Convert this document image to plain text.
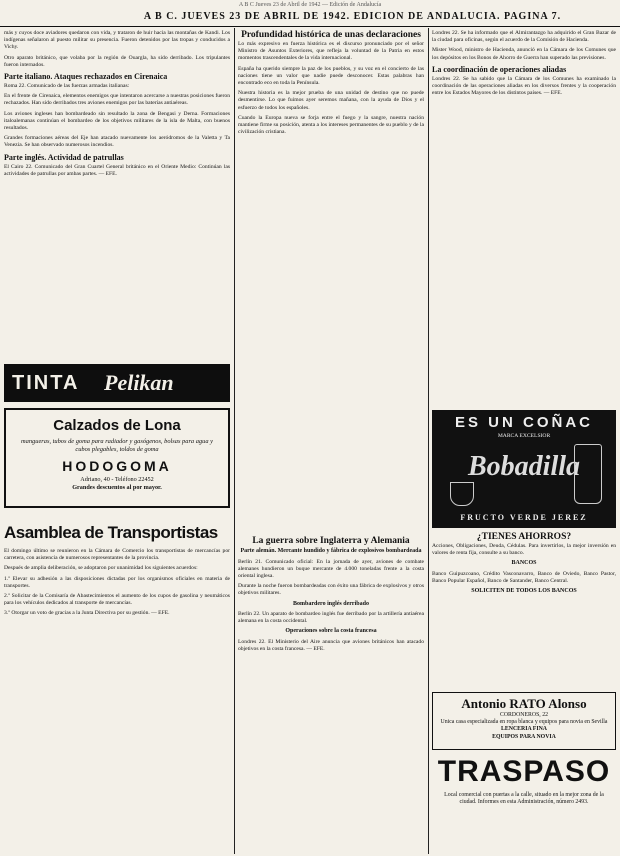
A B C Jueves 23 de Abril de 1942 — Edición de Andalucía
A B C. JUEVES 23 DE ABRIL DE 1942. EDICION DE ANDALUCIA. PAGINA 7.

más y cuyos doce aviadores quedaron con vida, y trataron de huir hacia las montañas de Kandi. Los indígenas señalaron al puesto militar su presencia. Fueron detenidos por las tropas y conducidos a Vichy.

Otro aparato británico, que volaba por la región de Ouargla, ha sido derribado. Los tripulantes fueron internados.

Parte italiano. Ataques rechazados en Cirenaica

Roma 22. Comunicado de las fuerzas armadas italianas:

En el frente de Cirenaica, elementos enemigos que intentaron acercarse a nuestras posiciones fueron rechazados. Han sido derribados tres aviones enemigos por las baterías antiaéreas.

Los aviones ingleses han bombardeado sin resultado la zona de Bengasi y Derna. Formaciones italoalemanas continúan el bombardeo de los objetivos militares de la isla de Malta, con buenos resultados.

Grandes formaciones aéreas del Eje han atacado nuevamente los aeródromos de la Valetta y Ta Venezia. Se han observado numerosos incendios.

Parte inglés. Actividad de patrullas

El Cairo 22. Comunicado del Gran Cuartel General británico en el Oriente Medio: Continúan las actividades de patrullas por ambas partes. — EFE.

TINTA Pelikan
Calzados de Lona
mangueras, tubos de goma para radiador y gasógenos, bolsas para agua y cubos plegables, toldos de goma
HODOGOMA
Adriano, 40 - Teléfono 22452
Grandes descuentos al por mayor.

Asamblea de Transportistas

El domingo último se reunieron en la Cámara de Comercio los transportistas de mercancías por carretera, con asistencia de numerosos representantes de la provincia.

Después de amplia deliberación, se adoptaron por unanimidad los siguientes acuerdos:

1.º Elevar su adhesión a las disposiciones dictadas por los organismos oficiales en materia de transportes.

2.º Solicitar de la Comisaría de Abastecimientos el aumento de los cupos de gasolina y neumáticos para los vehículos dedicados al transporte de mercancías.

3.º Otorgar un voto de gracias a la Junta Directiva por su gestión. — EFE.

Profundidad histórica de unas declaraciones

Lo más expresivo en fuerza histórica es el discurso pronunciado por el señor Ministro de Asuntos Exteriores, que refleja la voluntad de la Patria en estos momentos trascendentales de la vida internacional.

España ha querido siempre la paz de los pueblos, y su voz en el concierto de las naciones tiene un valor que nadie puede desconocer. Estas palabras han encontrado eco en toda la Península.

Nuestra historia es la mejor prueba de una unidad de destino que no puede desmentirse. Lo que fuimos ayer seremos mañana, con la ayuda de Dios y el esfuerzo de todos los españoles.

Cuando la Europa nueva se forja entre el fuego y la sangre, nuestra nación mantiene firme su posición, atenta a los intereses permanentes de su pueblo y de la civilización cristiana.

La guerra sobre Inglaterra y Alemania

Parte alemán. Mercante hundido y fábrica de explosivos bombardeada

Berlín 21. Comunicado oficial: En la jornada de ayer, aviones de combate alemanes hundieron un buque mercante de 4.000 toneladas frente a la costa oriental inglesa.

Durante la noche fueron bombardeadas con éxito una fábrica de explosivos y otros objetivos militares.

Bombardero inglés derribado

Berlín 22. Un aparato de bombardeo inglés fue derribado por la artillería antiaérea alemana en la costa occidental.

Operaciones sobre la costa francesa

Londres 22. El Ministerio del Aire anuncia que aviones británicos han atacado objetivos en la costa francesa. — EFE.

Londres 22. Se ha informado que el Almirantazgo ha adquirido el Gran Bazar de la ciudad para oficinas, según el acuerdo de la Comisión de Hacienda.

Mister Wood, ministro de Hacienda, anunció en la Cámara de los Comunes que los depósitos en los Bonos de Ahorro de Guerra han superado las previsiones.

La coordinación de operaciones aliadas

Londres 22. Se ha sabido que la Cámara de los Comunes ha examinado la coordinación de las operaciones aliadas en los diversos frentes y la cooperación entre los Estados Mayores de los distintos países. — EFE.

ES UN COÑAC
MARCA EXCELSIOR
Bobadilla
FRUCTO VERDE JEREZ

¿TIENES AHORROS?

Acciones, Obligaciones, Deuda, Cédulas. Para invertirlos, la mejor inversión en valores de renta fija, consulte a su banco.

BANCOS

Banco Guipuzcoano, Crédito Vasconavarro, Banco de Oviedo, Banco Pastor, Banco Popular Español, Banco de Santander, Banco Central.

SOLICITEN DE TODOS LOS BANCOS

Antonio RATO Alonso
CORDONEROS, 22
Unica casa especializada en ropa blanca y equipos para novia en Sevilla
LENCERIA FINA
EQUIPOS PARA NOVIA
TRASPASO
Local comercial con puertas a la calle, situado en la mejor zona de la ciudad. Informes en esta Administración, número 2493.
